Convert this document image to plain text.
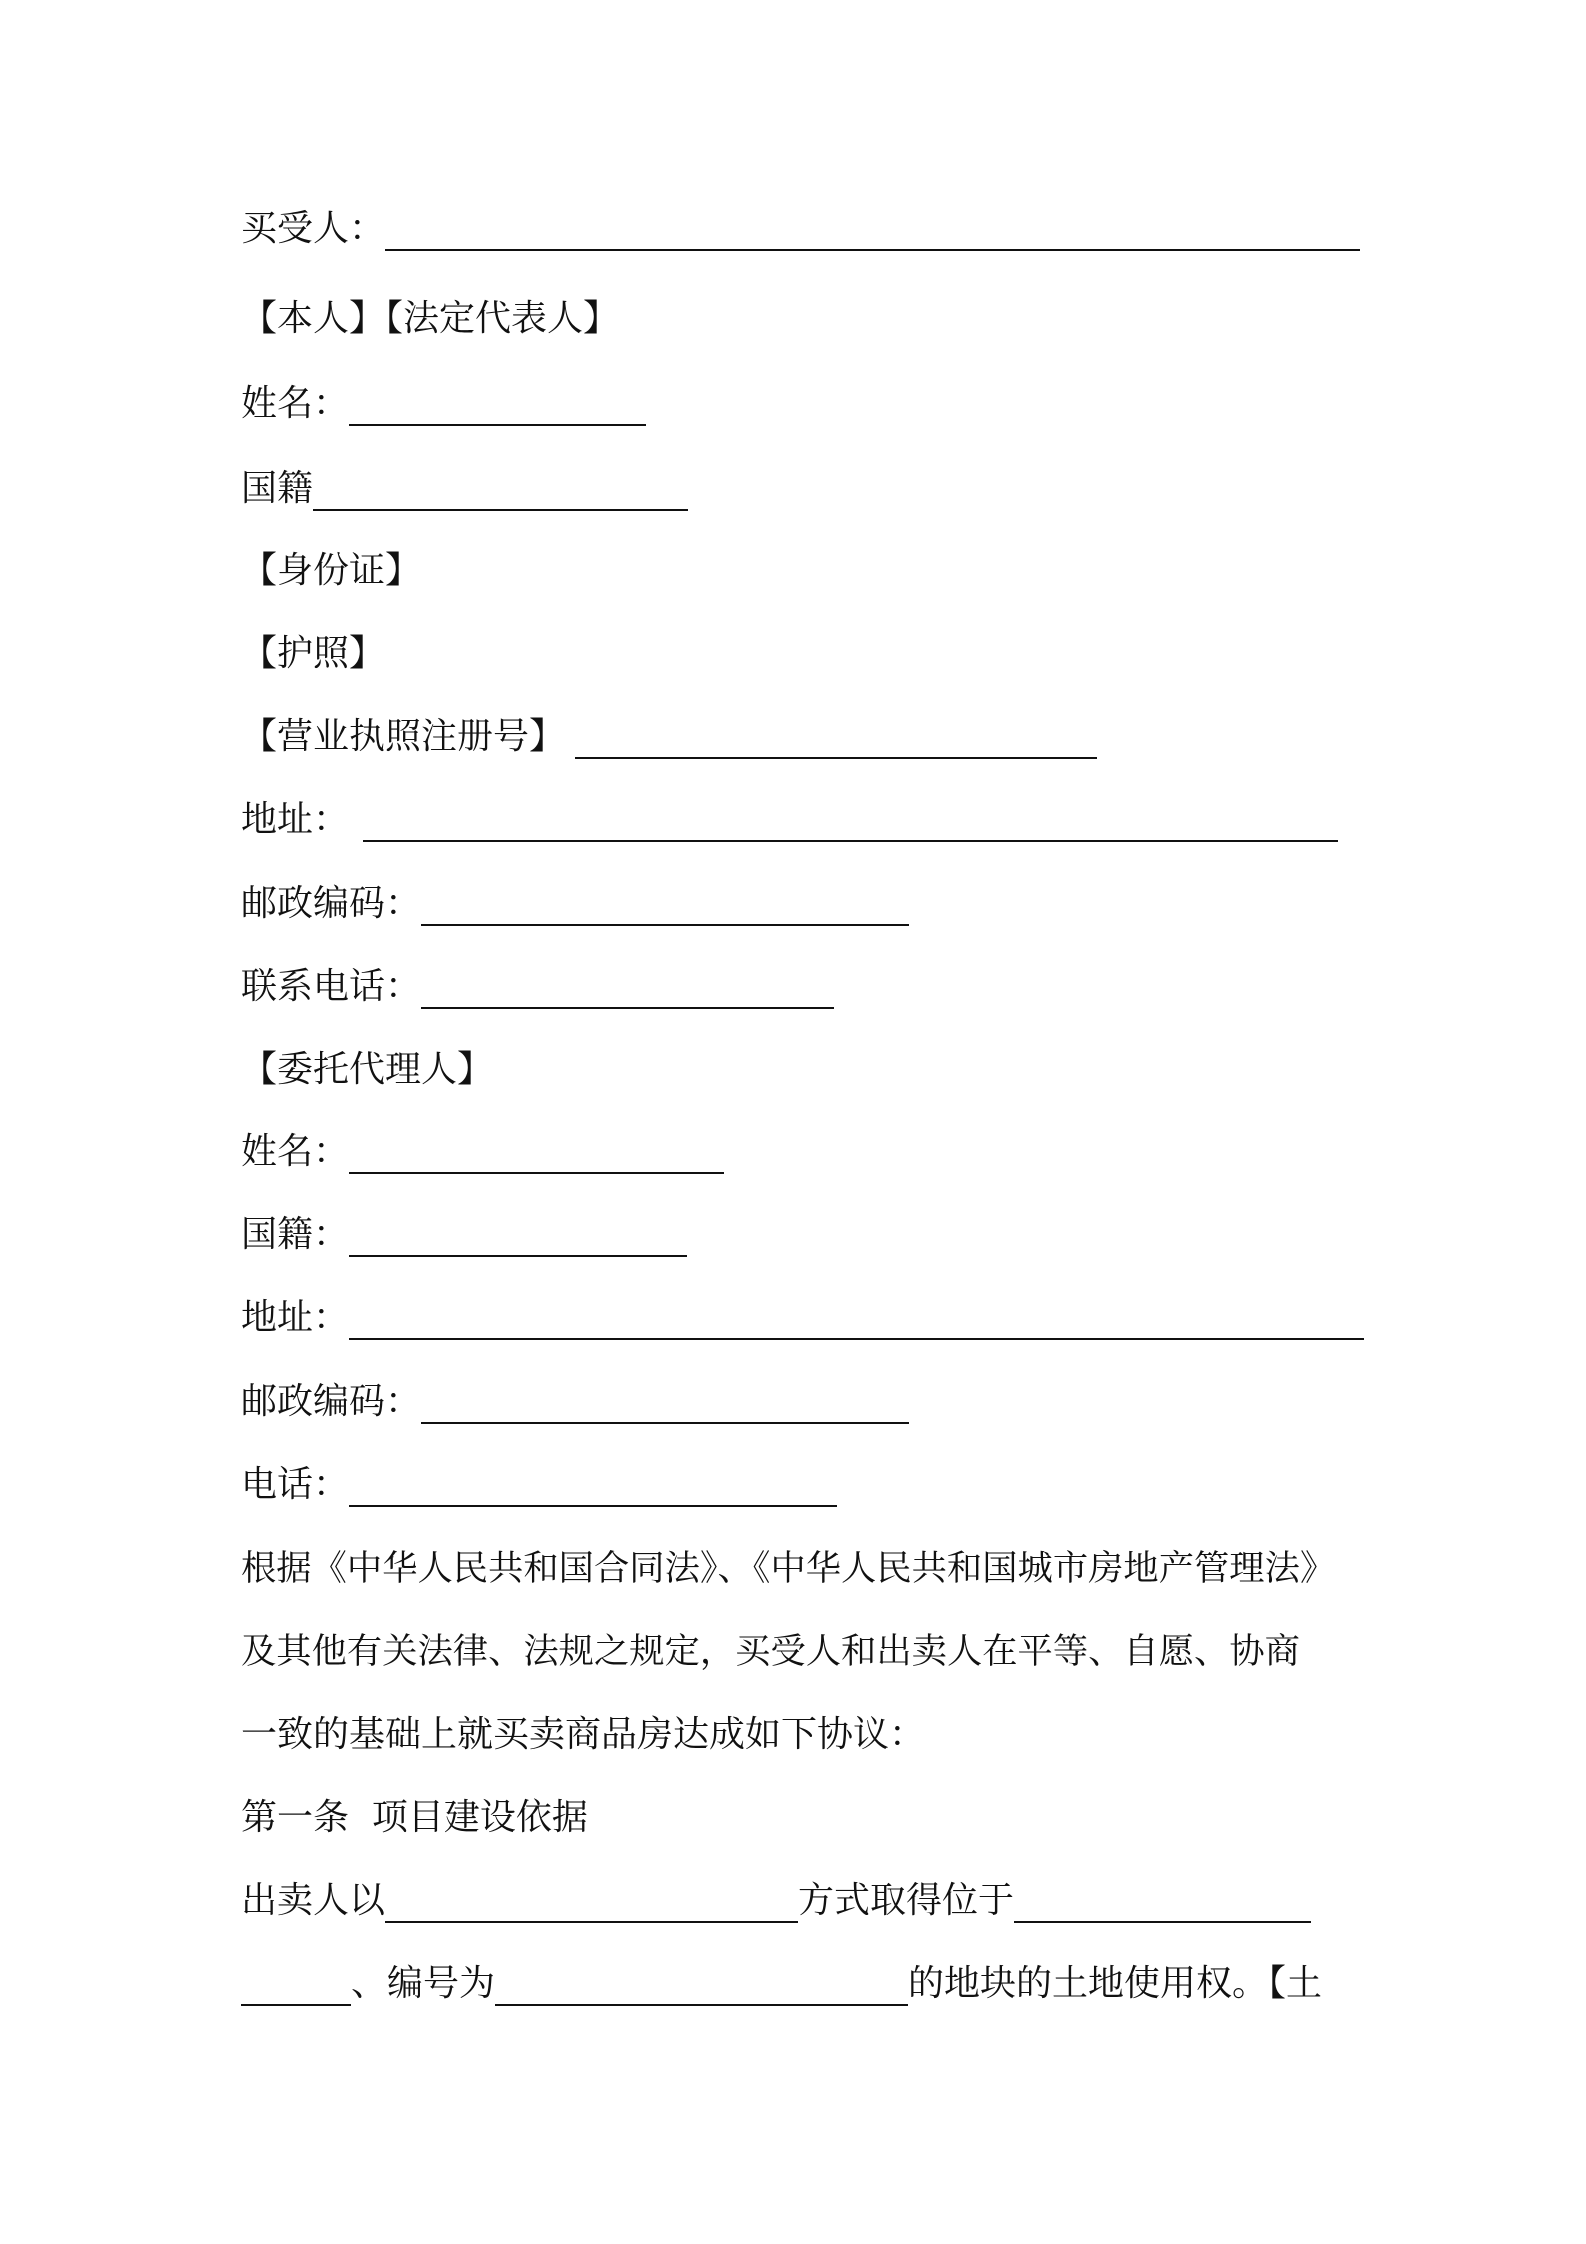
买受人：
【本人】【法定代表人】
姓名：
国籍
【身份证】
【护照】
【营业执照注册号】
地址：
邮政编码：
联系电话：
【委托代理人】
姓名：
国籍：
地址：
邮政编码：
电话：
根据《中华人民共和国合同法》、《中华人民共和国城市房地产管理法》
及其他有关法律、法规之规定，买受人和出卖人在平等、自愿、协商
一致的基础上就买卖商品房达成如下协议：
第一条  项目建设依据
出卖人以	方式取得位于
、编号为	的地块的土地使用权。【土
